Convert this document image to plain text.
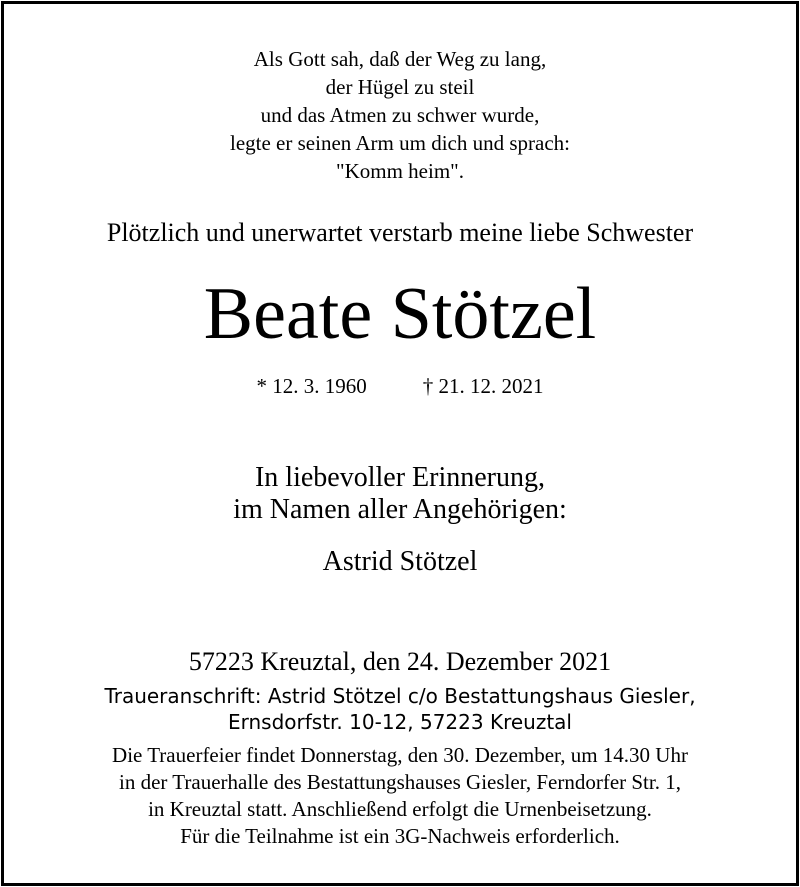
Als Gott sah, daß der Weg zu lang,
der Hügel zu steil
und das Atmen zu schwer wurde,
legte er seinen Arm um dich und sprach:
"Komm heim".
Plötzlich und unerwartet verstarb meine liebe Schwester
Beate Stötzel
* 12. 3. 1960	† 21. 12. 2021
In liebevoller Erinnerung,
im Namen aller Angehörigen:
Astrid Stötzel
57223 Kreuztal, den 24. Dezember 2021
Traueranschrift: Astrid Stötzel c/o Bestattungshaus Giesler,
Ernsdorfstr. 10-12, 57223 Kreuztal
Die Trauerfeier findet Donnerstag, den 30. Dezember, um 14.30 Uhr
in der Trauerhalle des Bestattungshauses Giesler, Ferndorfer Str. 1,
in Kreuztal statt. Anschließend erfolgt die Urnenbeisetzung.
Für die Teilnahme ist ein 3G-Nachweis erforderlich.
